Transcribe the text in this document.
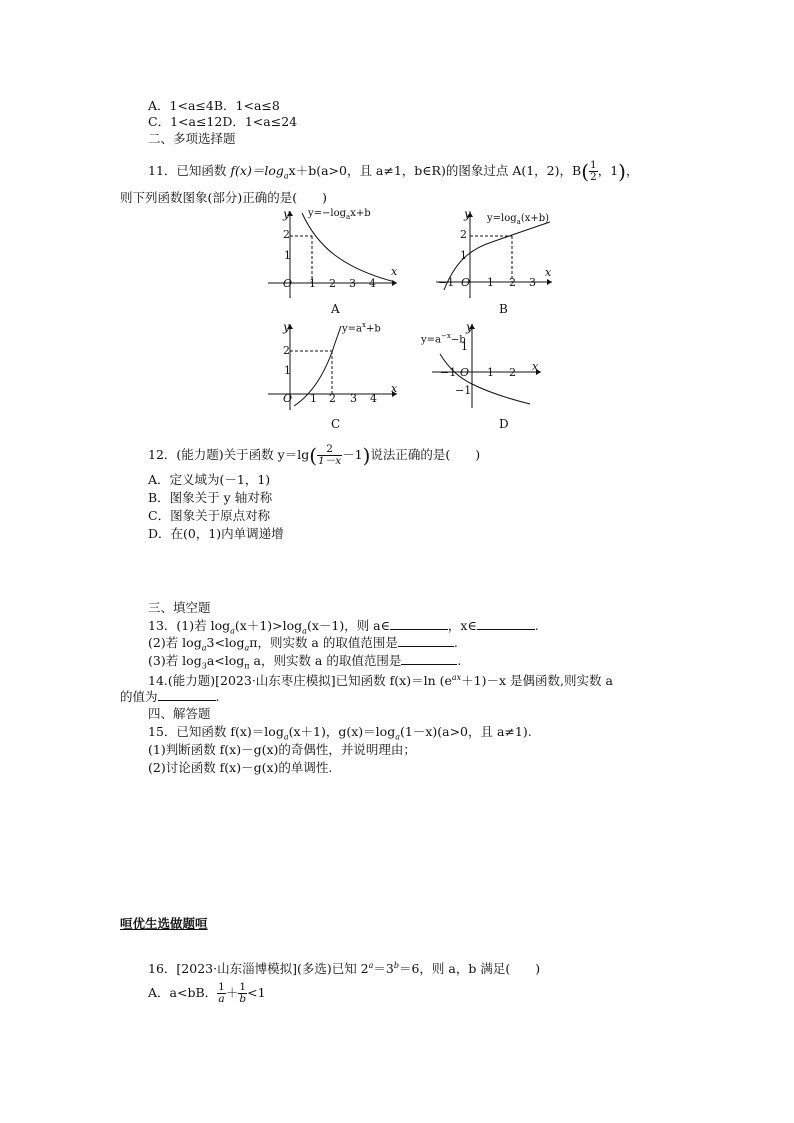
A．1<a≤4B．1<a≤8
C．1<a≤12D．1<a≤24
二、多项选择题
11．已知函数 $f(x)=\log_ax+b(a>0$，且 a≠1，b∈R)的图象过点 A(1，2)，$B( \frac{1}{2}$ ，1)，
则下列函数图象(部分)正确的是(　　)
y $y=-\log_ax+b$
2
1
O 1 2 3 4
x
A
y $y=\log_a(x+b)$
2
1
−1 O 1 2 3
x
B
y	$y=a^x+b$
2
1
O 1 2 3 4
x
C
y
$y=a^{-x}-b$
1
−1 O 1 2 x
−1
D
12．(能力题)关于函数 $y=\lg( \frac{2}{1-x} -1)$说法正确的是(　　)
A．定义域为(－1，1)
B．图象关于 y 轴对称
C．图象关于原点对称
D．在(0，1)内单调递增
三、填空题
13．(1)若 $\log_a(x+1)>\log_a(x-1)$，则 a∈	，x∈	.
(2)若 $\log_a3<\log_a\pi$，则实数 a 的取值范围是	.
(3)若 $\log_3a<\log_\pi$ a，则实数 a 的取值范围是	.
14.(能力题)[2023·山东枣庄模拟]已知函数 f(x)＝ln $(e^{ax}+1)-x$ 是偶函数,则实数 a
的值为	.
四、解答题
15．已知函数 $f(x)=\log_a(x+1)$，$g(x)=\log_a(1-x)(a>0$，且 a≠1).
(1)判断函数 f(x)－g(x)的奇偶性，并说明理由；
(2)讨论函数 f(x)－g(x)的单调性.
咺优生选做题咺
16．[2023·山东淄博模拟](多选)已知 $2^a=3^b=6$，则 a，b 满足(　　)
A．a<bB． $\frac{1}{a} + \frac{1}{b} <1$
